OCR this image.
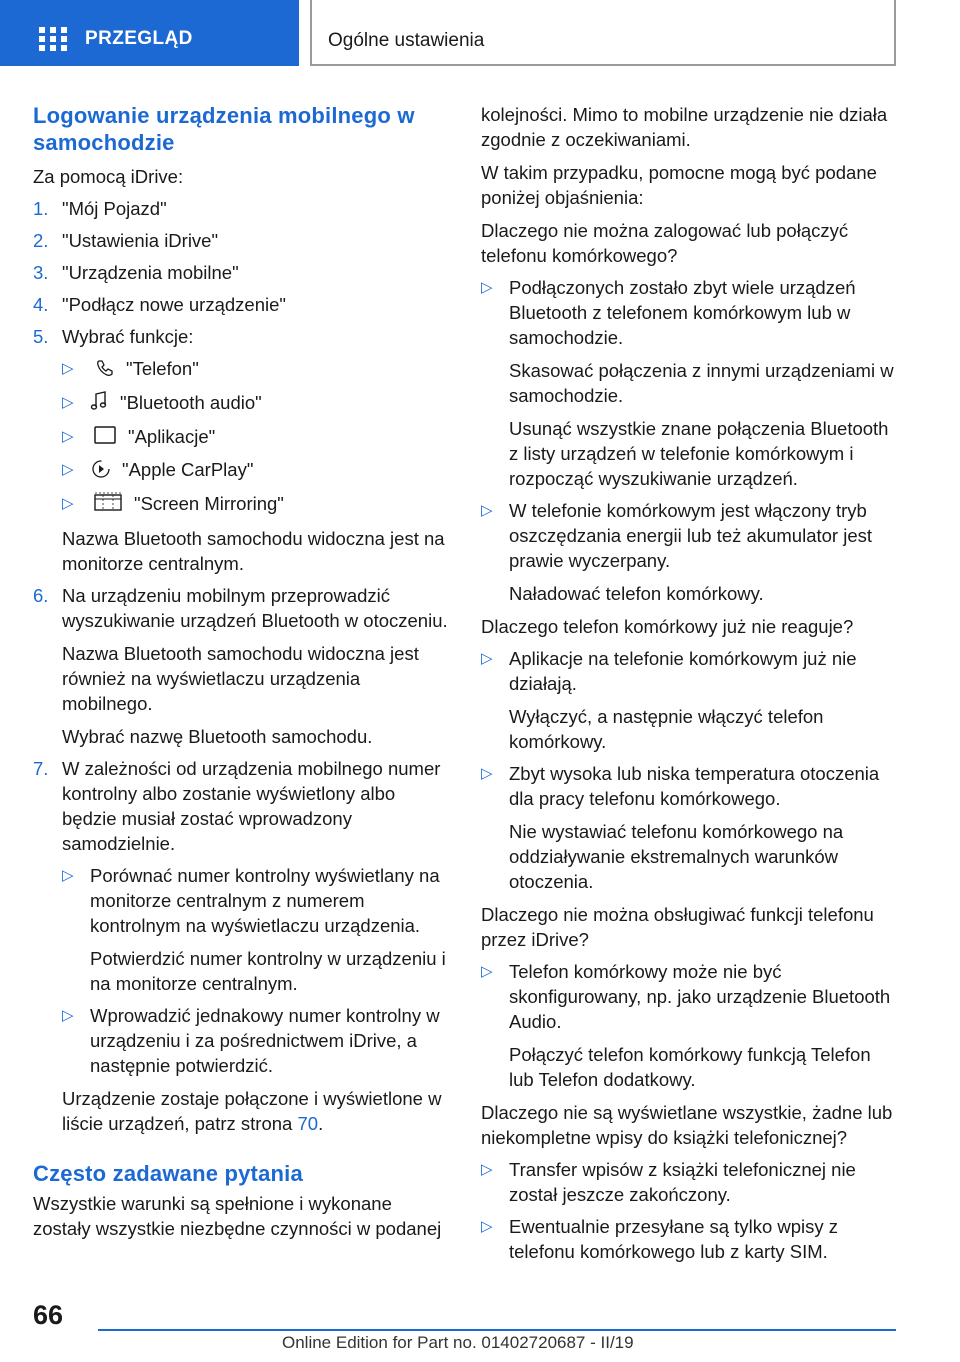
PRZEGLĄD	Ogólne ustawienia
Logowanie urządzenia mobilnego w samochodzie
Za pomocą iDrive:
1. "Mój Pojazd"
2. "Ustawienia iDrive"
3. "Urządzenia mobilne"
4. "Podłącz nowe urządzenie"
5. Wybrać funkcje:
▷	"Telefon"
▷	"Bluetooth audio"
▷	"Aplikacje"
▷	"Apple CarPlay"
▷	"Screen Mirroring"
Nazwa Bluetooth samochodu widoczna jest na monitorze centralnym.
6. Na urządzeniu mobilnym przeprowadzić wyszukiwanie urządzeń Bluetooth w otoczeniu.
Nazwa Bluetooth samochodu widoczna jest również na wyświetlaczu urządzenia mobilnego.
Wybrać nazwę Bluetooth samochodu.
7. W zależności od urządzenia mobilnego numer kontrolny albo zostanie wyświetlony albo będzie musiał zostać wprowadzony samodzielnie.
▷ Porównać numer kontrolny wyświetlany na monitorze centralnym z numerem kontrolnym na wyświetlaczu urządzenia.
Potwierdzić numer kontrolny w urządzeniu i na monitorze centralnym.
▷ Wprowadzić jednakowy numer kontrolny w urządzeniu i za pośrednictwem iDrive, a następnie potwierdzić.
Urządzenie zostaje połączone i wyświetlone w liście urządzeń, patrz strona 70.
Często zadawane pytania
Wszystkie warunki są spełnione i wykonane zostały wszystkie niezbędne czynności w podanej
kolejności. Mimo to mobilne urządzenie nie działa zgodnie z oczekiwaniami.
W takim przypadku, pomocne mogą być podane poniżej objaśnienia:
Dlaczego nie można zalogować lub połączyć telefonu komórkowego?
▷ Podłączonych zostało zbyt wiele urządzeń Bluetooth z telefonem komórkowym lub w samochodzie.
Skasować połączenia z innymi urządzeniami w samochodzie.
Usunąć wszystkie znane połączenia Bluetooth z listy urządzeń w telefonie komórkowym i rozpocząć wyszukiwanie urządzeń.
▷ W telefonie komórkowym jest włączony tryb oszczędzania energii lub też akumulator jest prawie wyczerpany.
Naładować telefon komórkowy.
Dlaczego telefon komórkowy już nie reaguje?
▷ Aplikacje na telefonie komórkowym już nie działają.
Wyłączyć, a następnie włączyć telefon komórkowy.
▷ Zbyt wysoka lub niska temperatura otoczenia dla pracy telefonu komórkowego.
Nie wystawiać telefonu komórkowego na oddziaływanie ekstremalnych warunków otoczenia.
Dlaczego nie można obsługiwać funkcji telefonu przez iDrive?
▷ Telefon komórkowy może nie być skonfigurowany, np. jako urządzenie Bluetooth Audio.
Połączyć telefon komórkowy funkcją Telefon lub Telefon dodatkowy.
Dlaczego nie są wyświetlane wszystkie, żadne lub niekompletne wpisy do książki telefonicznej?
▷ Transfer wpisów z książki telefonicznej nie został jeszcze zakończony.
▷ Ewentualnie przesyłane są tylko wpisy z telefonu komórkowego lub z karty SIM.
66
Online Edition for Part no. 01402720687 - II/19
